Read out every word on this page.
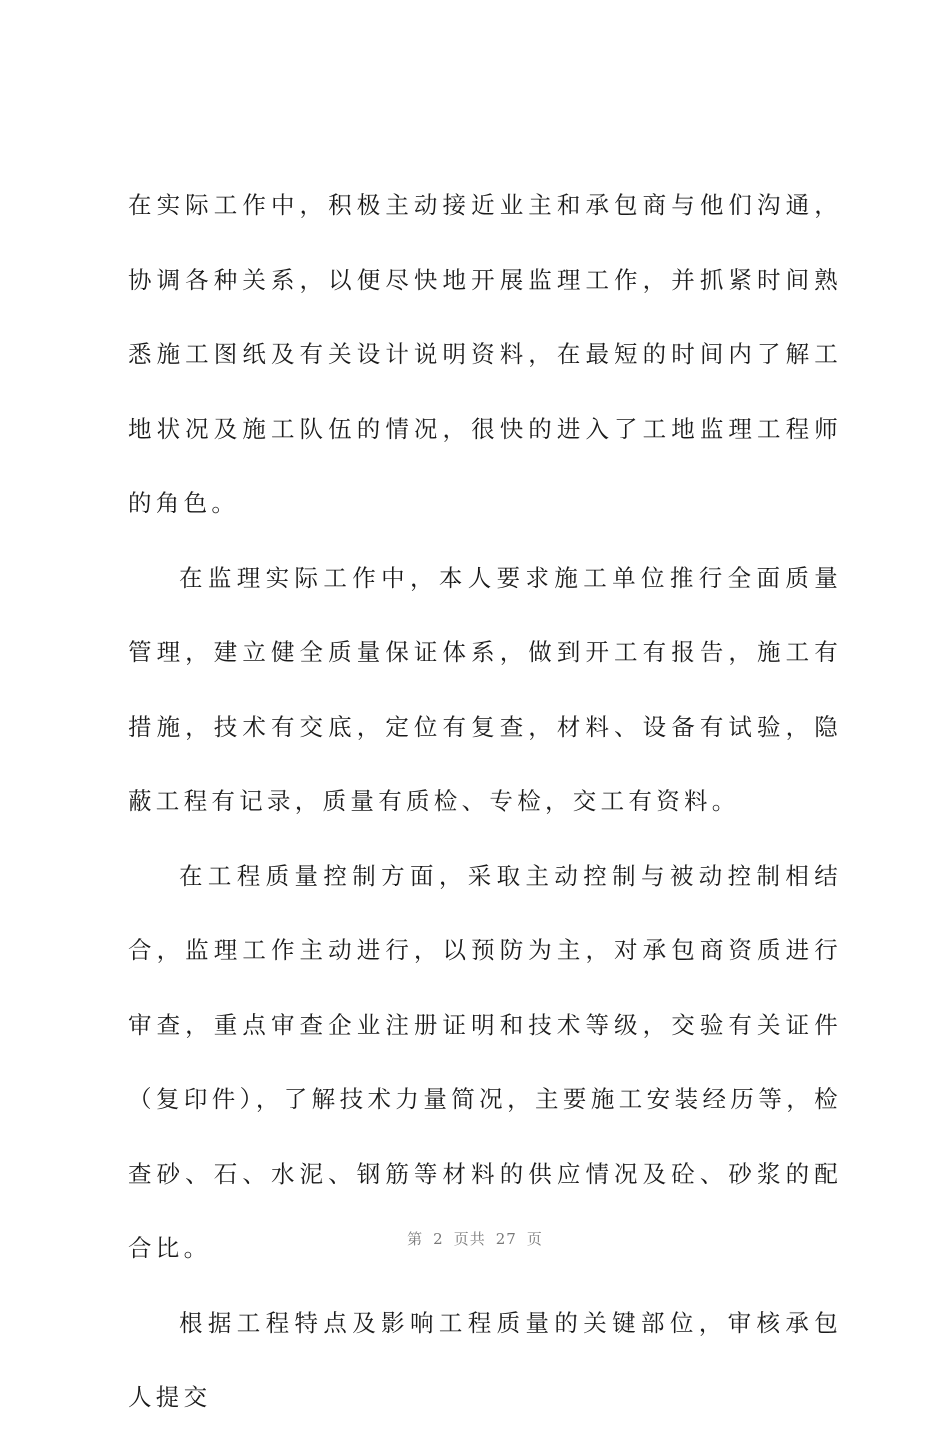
在实际工作中，积极主动接近业主和承包商与他们沟通，协调各种关系，以便尽快地开展监理工作，并抓紧时间熟悉施工图纸及有关设计说明资料，在最短的时间内了解工地状况及施工队伍的情况，很快的进入了工地监理工程师的角色。

在监理实际工作中，本人要求施工单位推行全面质量管理，建立健全质量保证体系，做到开工有报告，施工有措施，技术有交底，定位有复查，材料、设备有试验，隐蔽工程有记录，质量有质检、专检，交工有资料。

在工程质量控制方面，采取主动控制与被动控制相结合，监理工作主动进行，以预防为主，对承包商资质进行审查，重点审查企业注册证明和技术等级，交验有关证件（复印件），了解技术力量简况，主要施工安装经历等，检查砂、石、水泥、钢筋等材料的供应情况及砼、砂浆的配合比。

根据工程特点及影响工程质量的关键部位，审核承包人提交

第 2 页共 27 页
